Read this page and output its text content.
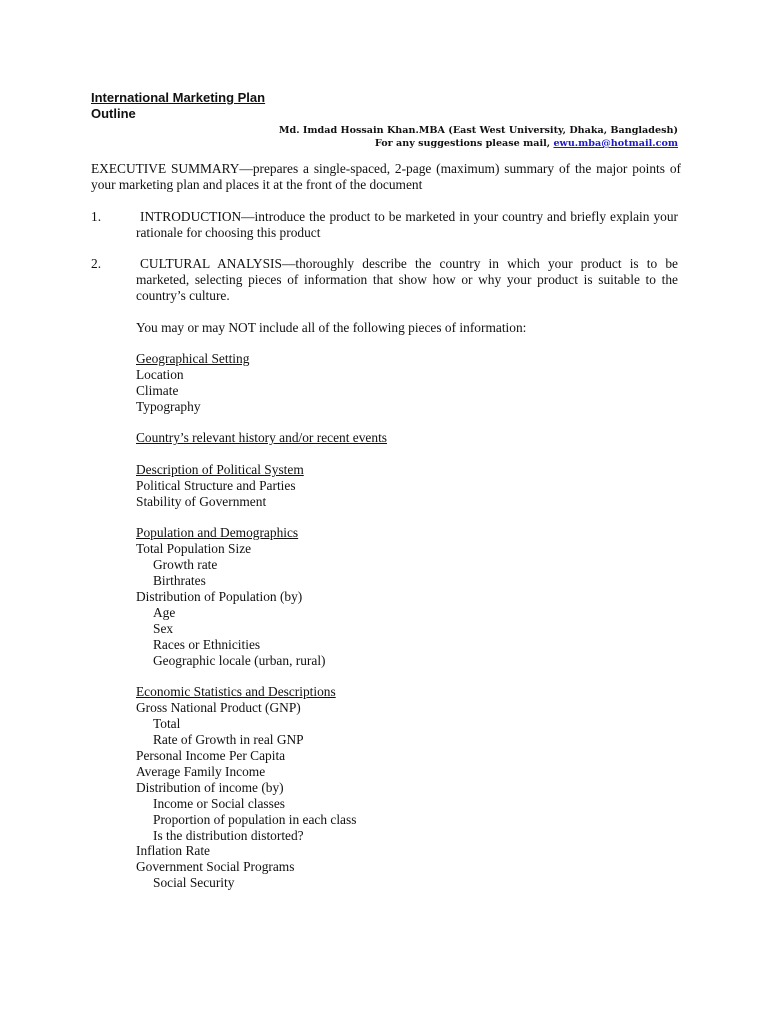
International Marketing Plan
Outline
Md. Imdad Hossain Khan.MBA (East West University, Dhaka, Bangladesh)
For any suggestions please mail, ewu.mba@hotmail.com
EXECUTIVE SUMMARY—prepares a single-spaced, 2-page (maximum) summary of the major points of your marketing plan and places it at the front of the document
1.	INTRODUCTION—introduce the product to be marketed in your country and briefly explain your rationale for choosing this product
2.	CULTURAL ANALYSIS—thoroughly describe the country in which your product is to be marketed, selecting pieces of information that show how or why your product is suitable to the country’s culture.
You may or may NOT include all of the following pieces of information:
Geographical Setting
Location
Climate
Typography
Country’s relevant history and/or recent events
Description of Political System
Political Structure and Parties
Stability of Government
Population and Demographics
Total Population Size
Growth rate
Birthrates
Distribution of Population (by)
Age
Sex
Races or Ethnicities
Geographic locale (urban, rural)
Economic Statistics and Descriptions
Gross National Product (GNP)
Total
Rate of Growth in real GNP
Personal Income Per Capita
Average Family Income
Distribution of income (by)
Income or Social classes
Proportion of population in each class
Is the distribution distorted?
Inflation Rate
Government Social Programs
Social Security
